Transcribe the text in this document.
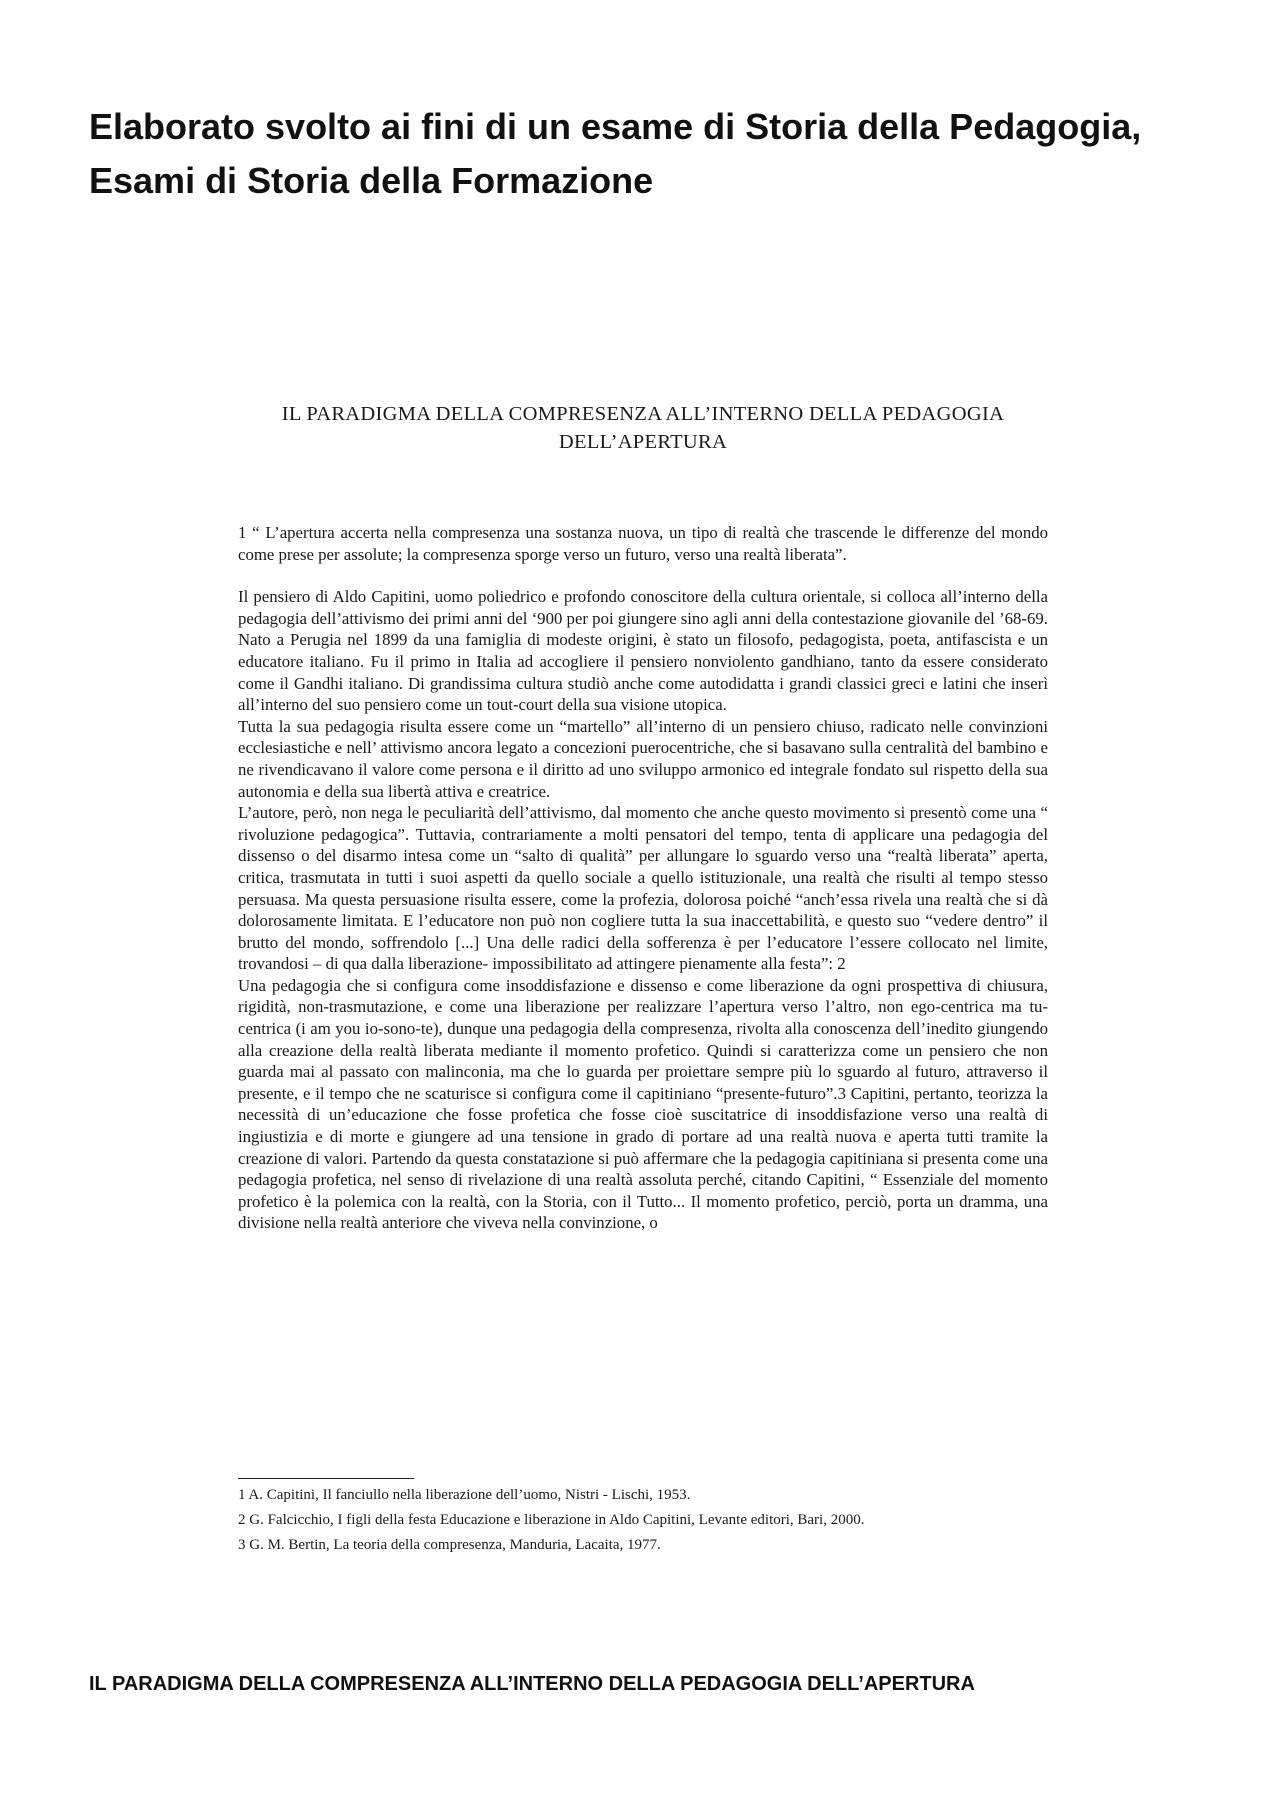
Elaborato svolto ai fini di un esame di Storia della Pedagogia, Esami di Storia della Formazione
IL PARADIGMA DELLA COMPRESENZA ALL’INTERNO DELLA PEDAGOGIA DELL’APERTURA

1 “ L’apertura accerta nella compresenza una sostanza nuova, un tipo di realtà che trascende le differenze del mondo come prese per assolute; la compresenza sporge verso un futuro, verso una realtà liberata”.

Il pensiero di Aldo Capitini, uomo poliedrico e profondo conoscitore della cultura orientale, si colloca all’interno della pedagogia dell’attivismo dei primi anni del ‘900 per poi giungere sino agli anni della contestazione giovanile del ’68-69.

Nato a Perugia nel 1899 da una famiglia di modeste origini, è stato un filosofo, pedagogista, poeta, antifascista e un educatore italiano. Fu il primo in Italia ad accogliere il pensiero nonviolento gandhiano, tanto da essere considerato come il Gandhi italiano. Di grandissima cultura studiò anche come autodidatta i grandi classici greci e latini che inserì all’interno del suo pensiero come un tout-court della sua visione utopica.

Tutta la sua pedagogia risulta essere come un “martello” all’interno di un pensiero chiuso, radicato nelle convinzioni ecclesiastiche e nell’ attivismo ancora legato a concezioni puerocentriche, che si basavano sulla centralità del bambino e ne rivendicavano il valore come persona e il diritto ad uno sviluppo armonico ed integrale fondato sul rispetto della sua autonomia e della sua libertà attiva e creatrice.

L’autore, però, non nega le peculiarità dell’attivismo, dal momento che anche questo movimento si presentò come una “ rivoluzione pedagogica”. Tuttavia, contrariamente a molti pensatori del tempo, tenta di applicare una pedagogia del dissenso o del disarmo intesa come un “salto di qualità” per allungare lo sguardo verso una “realtà liberata” aperta, critica, trasmutata in tutti i suoi aspetti da quello sociale a quello istituzionale, una realtà che risulti al tempo stesso persuasa. Ma questa persuasione risulta essere, come la profezia, dolorosa poiché “anch’essa rivela una realtà che si dà dolorosamente limitata. E l’educatore non può non cogliere tutta la sua inaccettabilità, e questo suo “vedere dentro” il brutto del mondo, soffrendolo [...] Una delle radici della sofferenza è per l’educatore l’essere collocato nel limite, trovandosi – di qua dalla liberazione- impossibilitato ad attingere pienamente alla festa”: 2

Una pedagogia che si configura come insoddisfazione e dissenso e come liberazione da ogni prospettiva di chiusura, rigidità, non-trasmutazione, e come una liberazione per realizzare l’apertura verso l’altro, non ego-centrica ma tu-centrica (i am you io-sono-te), dunque una pedagogia della compresenza, rivolta alla conoscenza dell’inedito giungendo alla creazione della realtà liberata mediante il momento profetico. Quindi si caratterizza come un pensiero che non guarda mai al passato con malinconia, ma che lo guarda per proiettare sempre più lo sguardo al futuro, attraverso il presente, e il tempo che ne scaturisce si configura come il capitiniano “presente-futuro”.3 Capitini, pertanto, teorizza la necessità di un’educazione che fosse profetica che fosse cioè suscitatrice di insoddisfazione verso una realtà di ingiustizia e di morte e giungere ad una tensione in grado di portare ad una realtà nuova e aperta tutti tramite la creazione di valori. Partendo da questa constatazione si può affermare che la pedagogia capitiniana si presenta come una pedagogia profetica, nel senso di rivelazione di una realtà assoluta perché, citando Capitini, “ Essenziale del momento profetico è la polemica con la realtà, con la Storia, con il Tutto... Il momento profetico, perciò, porta un dramma, una divisione nella realtà anteriore che viveva nella convinzione, o

1 A. Capitini, Il fanciullo nella liberazione dell’uomo, Nistri - Lischi, 1953.

2 G. Falcicchio, I figli della festa Educazione e liberazione in Aldo Capitini, Levante editori, Bari, 2000.

3 G. M. Bertin, La teoria della compresenza, Manduria, Lacaita, 1977.

IL PARADIGMA DELLA COMPRESENZA ALL’INTERNO DELLA PEDAGOGIA DELL’APERTURA
